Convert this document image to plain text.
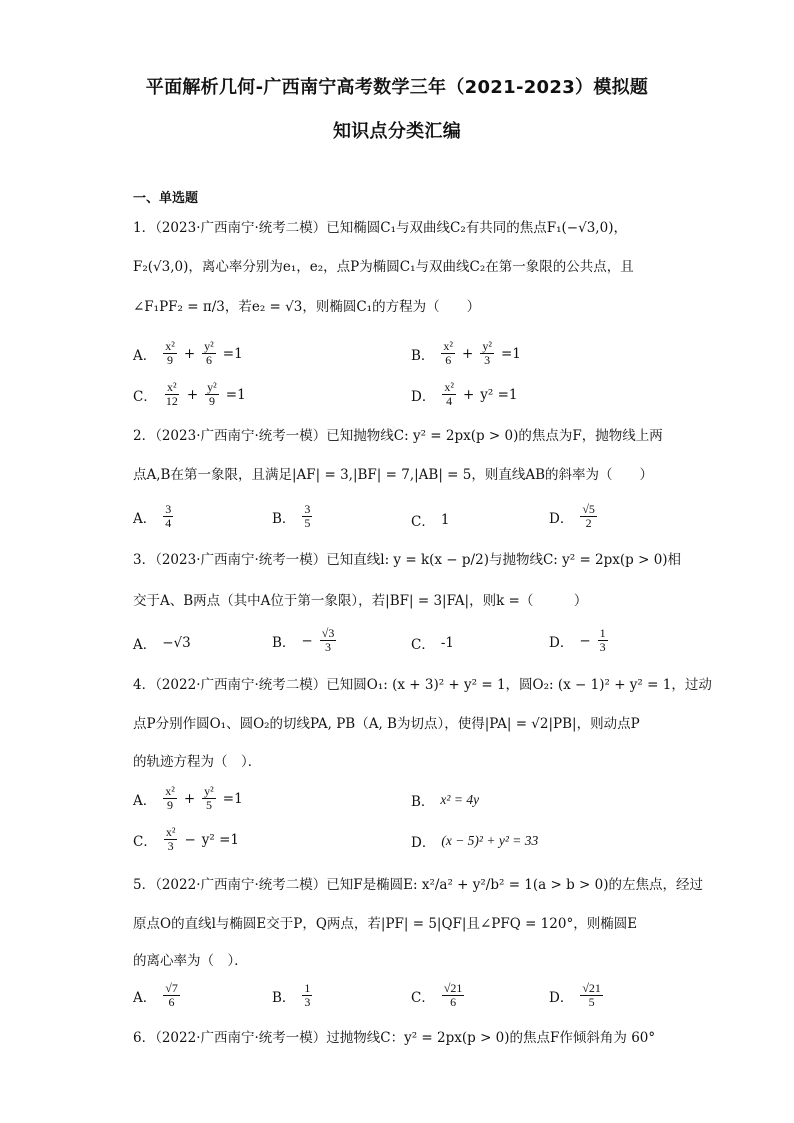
平面解析几何-广西南宁高考数学三年（2021-2023）模拟题
知识点分类汇编
一、单选题
1．（2023·广西南宁·统考二模）已知椭圆C₁与双曲线C₂有共同的焦点F₁(−√3,0)，
F₂(√3,0)，离心率分别为e₁，e₂，点P为椭圆C₁与双曲线C₂在第一象限的公共点，且
∠F₁PF₂ = π/3，若e₂ = √3，则椭圆C₁的方程为（　　）
A． $\frac{\text{x²}}{9} + \frac{\text{y²}}{6} =1$	B． $\frac{\text{x²}}{6} + \frac{\text{y²}}{3} =1$
C． $\frac{\text{x²}}{12} + \frac{\text{y²}}{9} =1$	D． $\frac{\text{x²}}{4} + y^2 =1$
2．（2023·广西南宁·统考一模）已知抛物线C: y² = 2px(p > 0)的焦点为F，抛物线上两
点A,B在第一象限，且满足|AF| = 3,|BF| = 7,|AB| = 5，则直线AB的斜率为（　　）
A． $\frac{3}{4}$	B． $\frac{3}{5}$	C． 1	D． $\frac{√5}{2}$
3．（2023·广西南宁·统考一模）已知直线l: y = k(x − p/2)与抛物线C: y² = 2px(p > 0)相
交于A、B两点（其中A位于第一象限），若|BF| = 3|FA|，则k =（　　　）
A． −√3	B． − $\frac{√3}{3}$	C． -1	D． − $\frac{1}{3}$
4．（2022·广西南宁·统考二模）已知圆O₁: (x + 3)² + y² = 1，圆O₂: (x − 1)² + y² = 1，过动
点P分别作圆O₁、圆O₂的切线PA, PB（A, B为切点），使得|PA| = √2|PB|，则动点P
的轨迹方程为（　）．
A． $\frac{\text{x²}}{9} + \frac{\text{y²}}{5} =1$	B． x² = 4y
C． $\frac{\text{x²}}{3} - y^2 =1$	D． (x − 5)² + y² = 33
5．（2022·广西南宁·统考二模）已知F是椭圆E: x²/a² + y²/b² = 1(a > b > 0)的左焦点，经过
原点O的直线l与椭圆E交于P，Q两点，若|PF| = 5|QF|且∠PFQ = 120°，则椭圆E
的离心率为（　）．
A． $\frac{√7}{6}$	B． $\frac{1}{3}$	C． $\frac{√21}{6}$	D． $\frac{√21}{5}$
6．（2022·广西南宁·统考一模）过抛物线C：y² = 2px(p > 0)的焦点F作倾斜角为 60°
